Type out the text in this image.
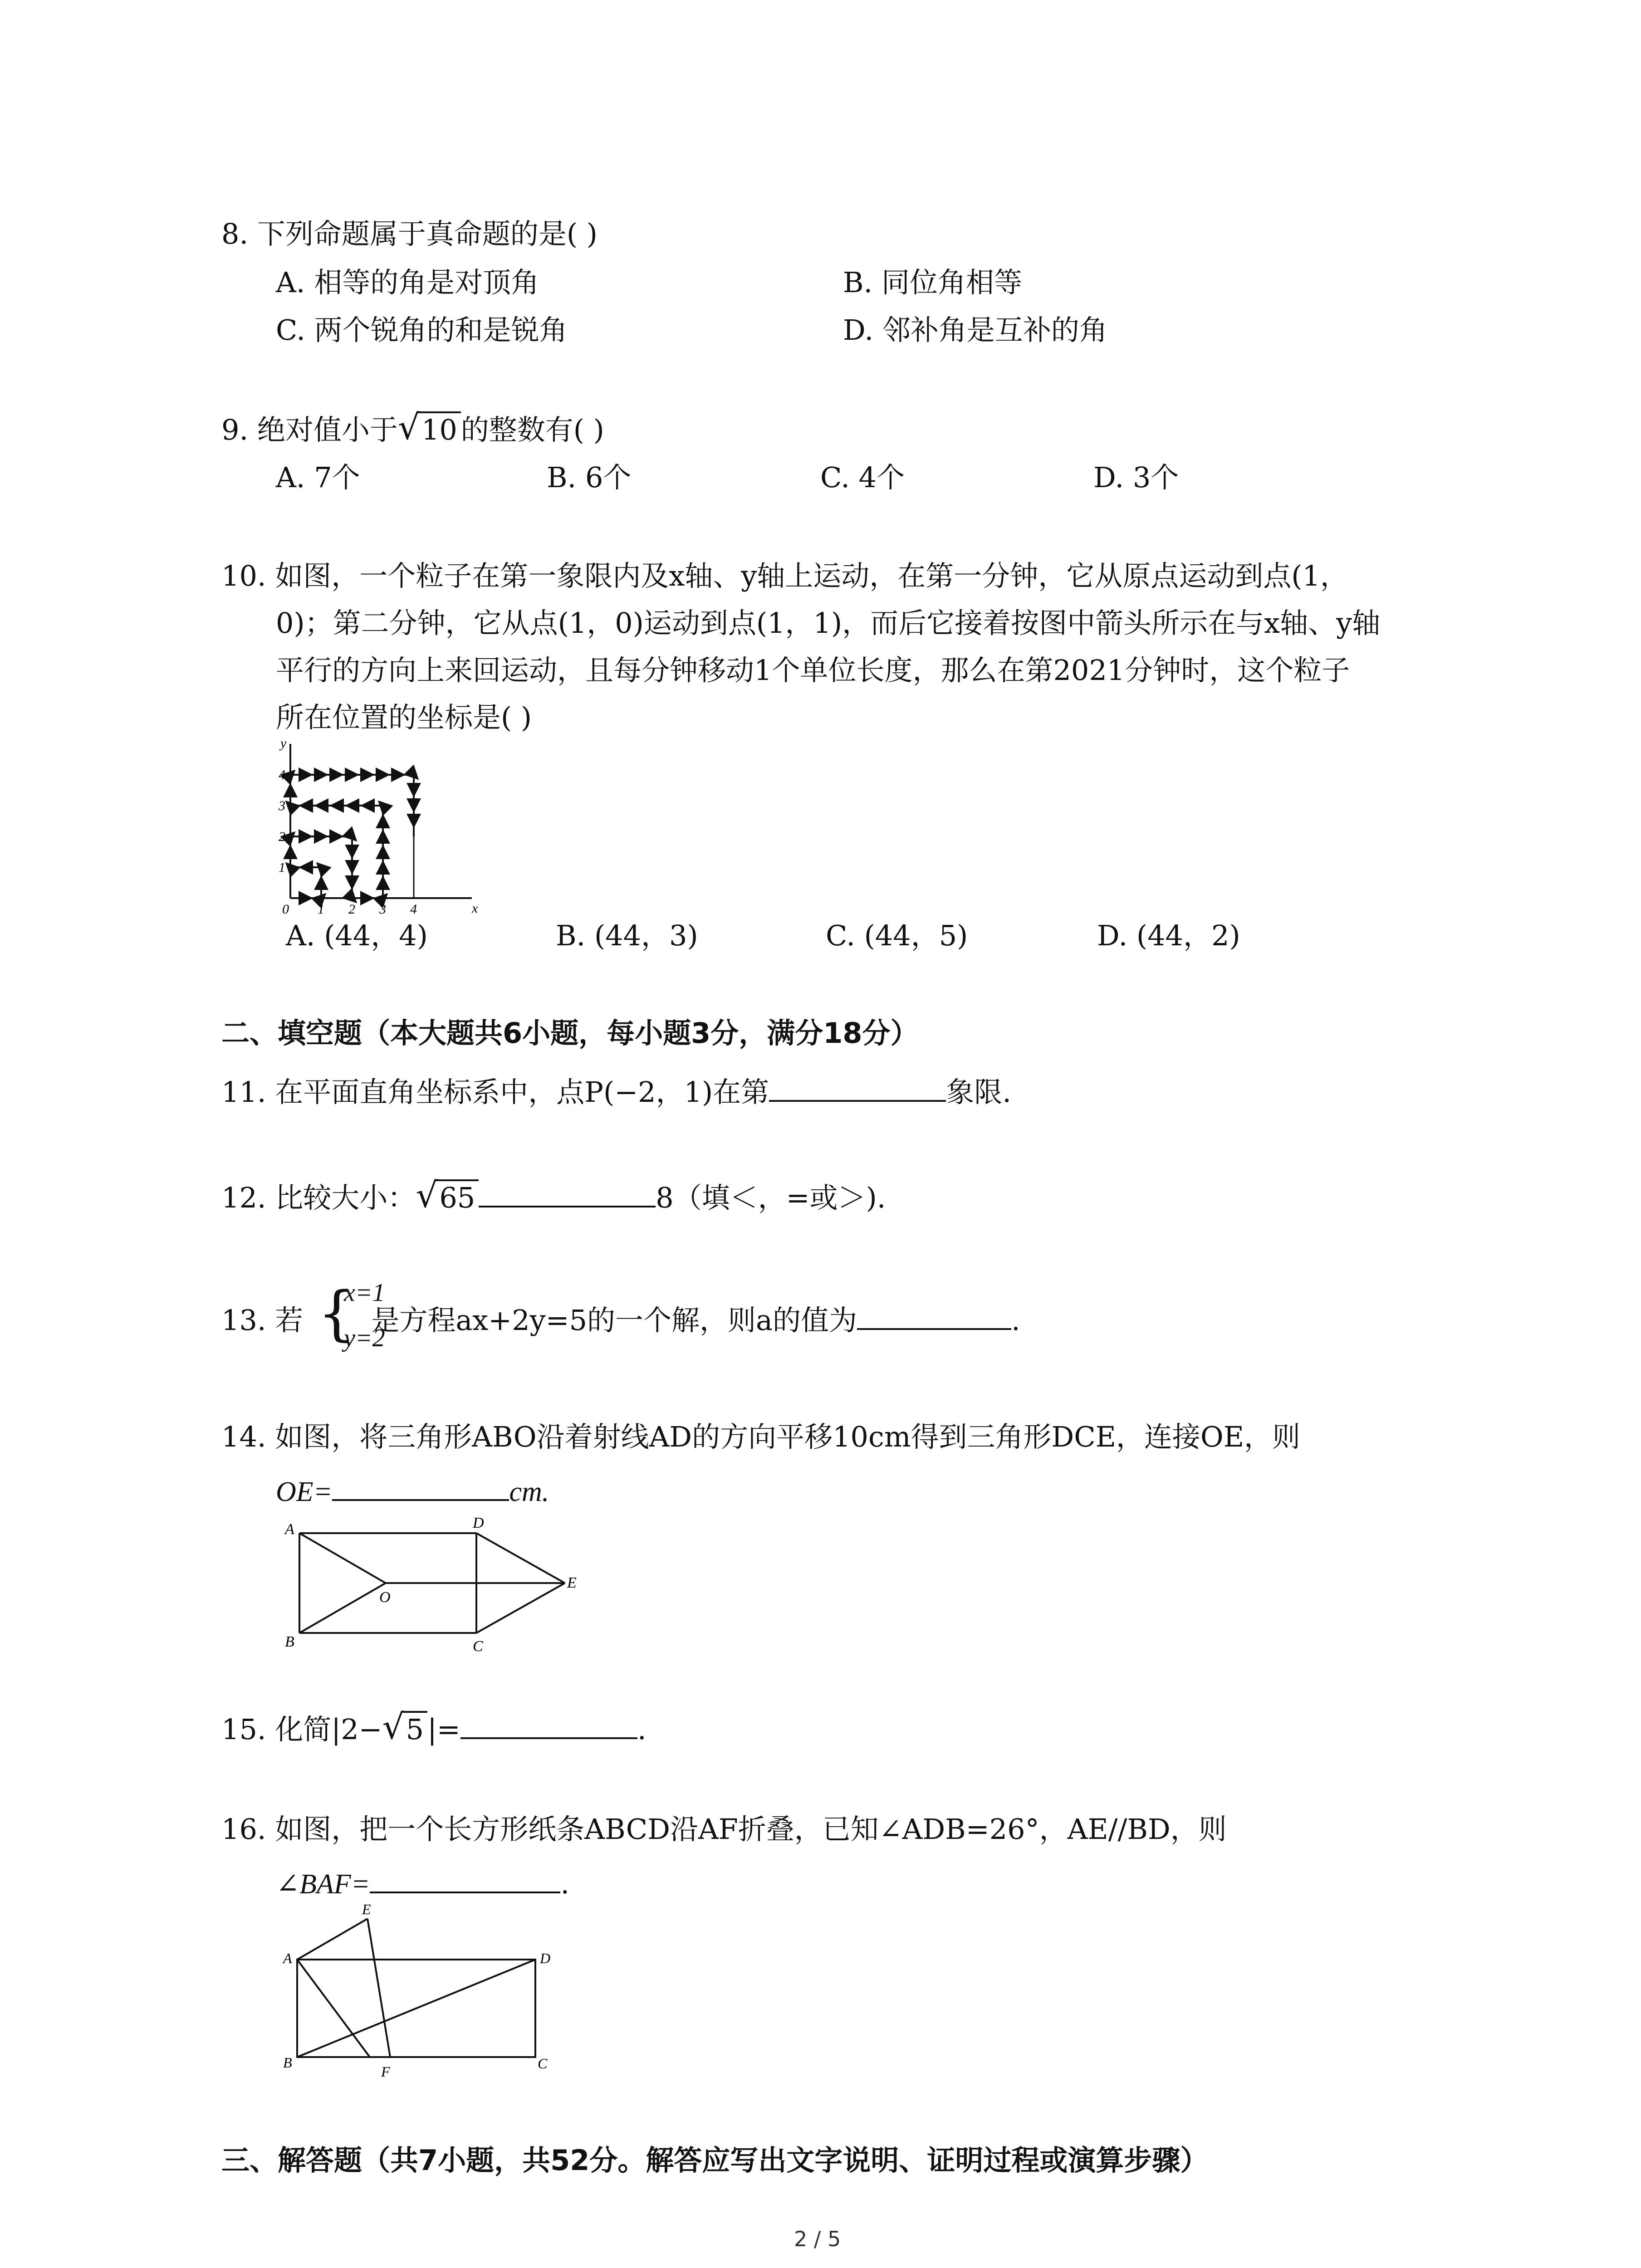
8. 下列命题属于真命题的是( )
A. 相等的角是对顶角	B. 同位角相等
C. 两个锐角的和是锐角	D. 邻补角是互补的角
9. 绝对值小于 √ 10 的整数有( )
A. 7个	B. 6个	C. 4个	D. 3个
10. 如图，一个粒子在第一象限内及x轴、y轴上运动，在第一分钟，它从原点运动到点(1，
0)；第二分钟，它从点(1，0)运动到点(1，1)，而后它接着按图中箭头所示在与x轴、y轴
平行的方向上来回运动，且每分钟移动1个单位长度，那么在第2021分钟时，这个粒子
所在位置的坐标是( )
y
x
0 1 2 3 4
1
2
3
4
A. (44，4)	B. (44，3)	C. (44，5)	D. (44，2)
二、填空题（本大题共6小题，每小题3分，满分18分）
11. 在平面直角坐标系中，点P(−2，1)在第	象限.
12. 比较大小： √ 65	8（填＜，=或＞).
13. 若 是方程ax+2y=5的一个解，则a的值为	.
{
x=1
y=2
14. 如图，将三角形ABO沿着射线AD的方向平移10cm得到三角形DCE，连接OE，则
OE=	cm.
A
B
D
C
O
E
15. 化简|2− √ 5 |=	.
16. 如图，把一个长方形纸条ABCD沿AF折叠，已知∠ADB=26°，AE//BD，则
∠BAF=	.
E
A	D
B
F	C
三、解答题（共7小题，共52分。解答应写出文字说明、证明过程或演算步骤）
2 / 5
